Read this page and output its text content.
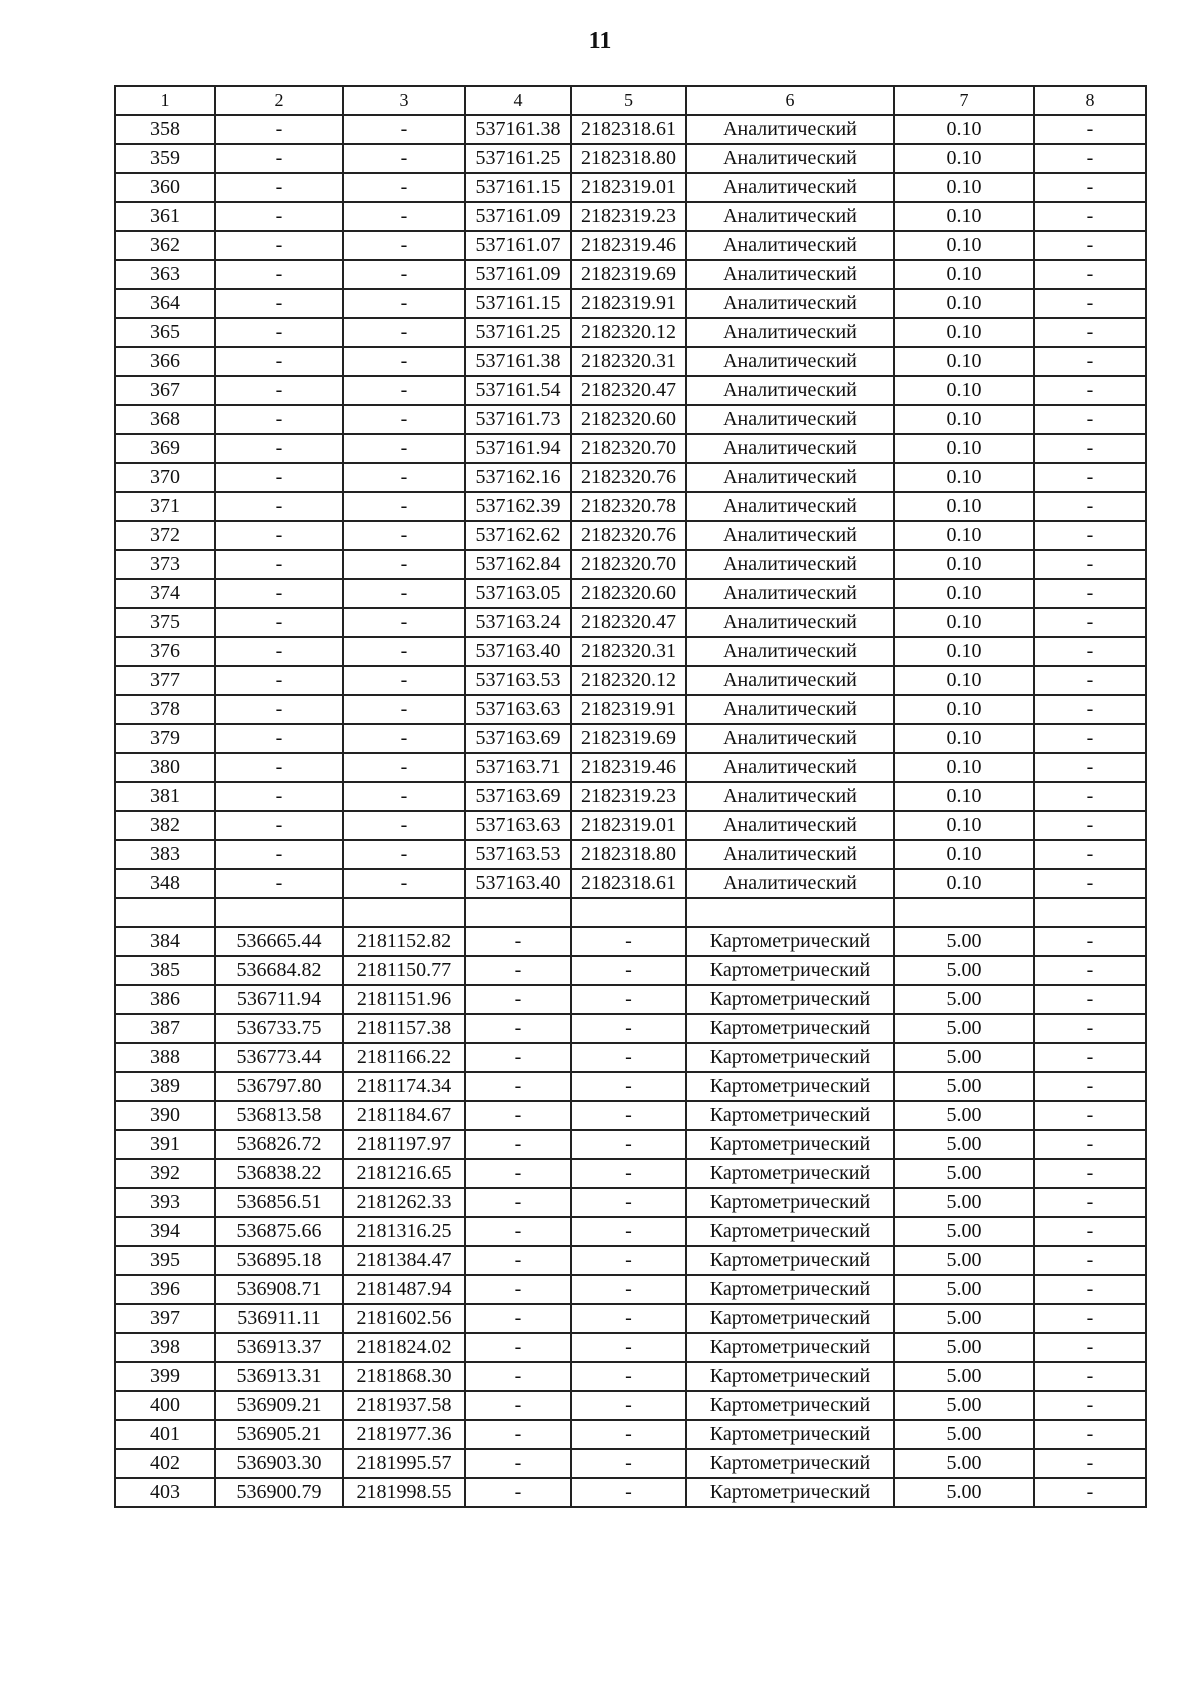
11
1	2	3	4	5	6	7	8
358	-	-	537161.38	2182318.61	Аналитический	0.10	-
359	-	-	537161.25	2182318.80	Аналитический	0.10	-
360	-	-	537161.15	2182319.01	Аналитический	0.10	-
361	-	-	537161.09	2182319.23	Аналитический	0.10	-
362	-	-	537161.07	2182319.46	Аналитический	0.10	-
363	-	-	537161.09	2182319.69	Аналитический	0.10	-
364	-	-	537161.15	2182319.91	Аналитический	0.10	-
365	-	-	537161.25	2182320.12	Аналитический	0.10	-
366	-	-	537161.38	2182320.31	Аналитический	0.10	-
367	-	-	537161.54	2182320.47	Аналитический	0.10	-
368	-	-	537161.73	2182320.60	Аналитический	0.10	-
369	-	-	537161.94	2182320.70	Аналитический	0.10	-
370	-	-	537162.16	2182320.76	Аналитический	0.10	-
371	-	-	537162.39	2182320.78	Аналитический	0.10	-
372	-	-	537162.62	2182320.76	Аналитический	0.10	-
373	-	-	537162.84	2182320.70	Аналитический	0.10	-
374	-	-	537163.05	2182320.60	Аналитический	0.10	-
375	-	-	537163.24	2182320.47	Аналитический	0.10	-
376	-	-	537163.40	2182320.31	Аналитический	0.10	-
377	-	-	537163.53	2182320.12	Аналитический	0.10	-
378	-	-	537163.63	2182319.91	Аналитический	0.10	-
379	-	-	537163.69	2182319.69	Аналитический	0.10	-
380	-	-	537163.71	2182319.46	Аналитический	0.10	-
381	-	-	537163.69	2182319.23	Аналитический	0.10	-
382	-	-	537163.63	2182319.01	Аналитический	0.10	-
383	-	-	537163.53	2182318.80	Аналитический	0.10	-
348	-	-	537163.40	2182318.61	Аналитический	0.10	-

384	536665.44	2181152.82	-	-	Картометрический	5.00	-
385	536684.82	2181150.77	-	-	Картометрический	5.00	-
386	536711.94	2181151.96	-	-	Картометрический	5.00	-
387	536733.75	2181157.38	-	-	Картометрический	5.00	-
388	536773.44	2181166.22	-	-	Картометрический	5.00	-
389	536797.80	2181174.34	-	-	Картометрический	5.00	-
390	536813.58	2181184.67	-	-	Картометрический	5.00	-
391	536826.72	2181197.97	-	-	Картометрический	5.00	-
392	536838.22	2181216.65	-	-	Картометрический	5.00	-
393	536856.51	2181262.33	-	-	Картометрический	5.00	-
394	536875.66	2181316.25	-	-	Картометрический	5.00	-
395	536895.18	2181384.47	-	-	Картометрический	5.00	-
396	536908.71	2181487.94	-	-	Картометрический	5.00	-
397	536911.11	2181602.56	-	-	Картометрический	5.00	-
398	536913.37	2181824.02	-	-	Картометрический	5.00	-
399	536913.31	2181868.30	-	-	Картометрический	5.00	-
400	536909.21	2181937.58	-	-	Картометрический	5.00	-
401	536905.21	2181977.36	-	-	Картометрический	5.00	-
402	536903.30	2181995.57	-	-	Картометрический	5.00	-
403	536900.79	2181998.55	-	-	Картометрический	5.00	-
